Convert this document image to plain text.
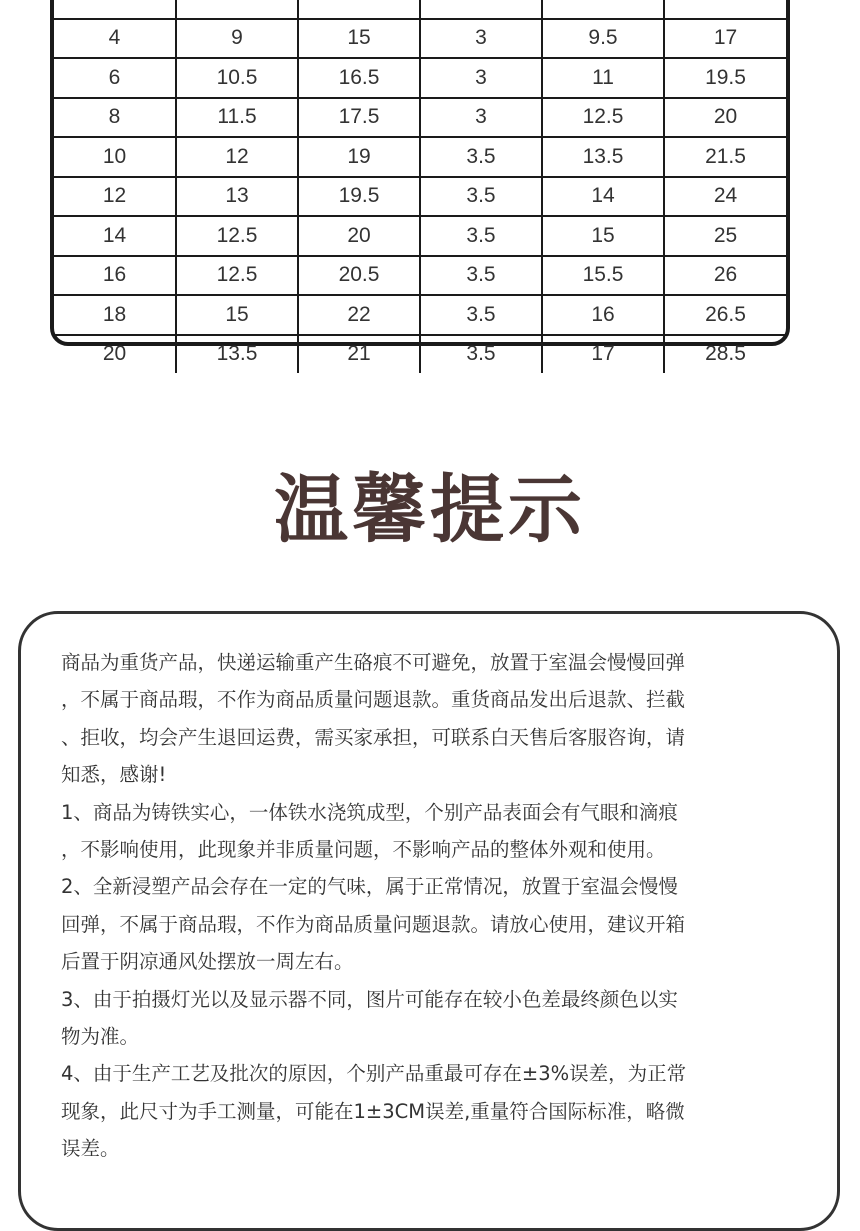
4	9	15	3	9.5	17
6	10.5	16.5	3	11	19.5
8	11.5	17.5	3	12.5	20
10	12	19	3.5	13.5	21.5
12	13	19.5	3.5	14	24
14	12.5	20	3.5	15	25
16	12.5	20.5	3.5	15.5	26
18	15	22	3.5	16	26.5
20	13.5	21	3.5	17	28.5
温馨提示

商品为重货产品，快递运输重产生硌痕不可避免，放置于室温会慢慢回弹

，不属于商品瑕，不作为商品质量问题退款。重货商品发出后退款、拦截

、拒收，均会产生退回运费，需买家承担，可联系白天售后客服咨询，请

知悉，感谢!

1、商品为铸铁实心，一体铁水浇筑成型，个别产品表面会有气眼和滴痕

，不影响使用，此现象并非质量问题，不影响产品的整体外观和使用。

2、全新浸塑产品会存在一定的气味，属于正常情况，放置于室温会慢慢

回弹，不属于商品瑕，不作为商品质量问题退款。请放心使用，建议开箱

后置于阴凉通风处摆放一周左右。

3、由于拍摄灯光以及显示器不同，图片可能存在较小色差最终颜色以实

物为准。

4、由于生产工艺及批次的原因，个别产品重最可存在±3%误差，为正常

现象，此尺寸为手工测量，可能在1±3CM误差,重量符合国际标准，略微

误差。
